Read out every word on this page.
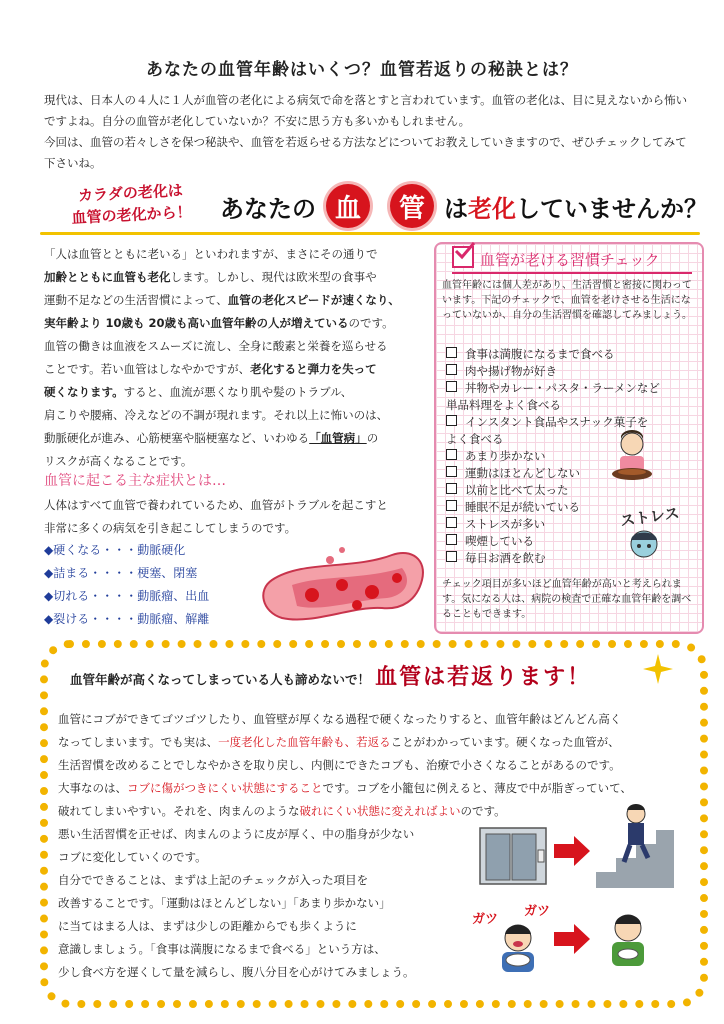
あなたの血管年齢はいくつ？血管若返りの秘訣とは？

現代は、日本人の４人に１人が血管の老化による病気で命を落とすと言われています。血管の老化は、目に見えないから怖いですよね。自分の血管が老化していないか？不安に思う方も多いかもしれません。

今回は、血管の若々しさを保つ秘訣や、血管を若返らせる方法などについてお教えしていきますので、ぜひチェックしてみて下さいね。

カラダの老化は
血管の老化から！	あなたの 血	管 は 老化 していませんか？

「人は血管とともに老いる」といわれますが、まさにその通りで

加齢とともに血管も老化します。しかし、現代は欧米型の食事や

運動不足などの生活習慣によって、血管の老化スピードが速くなり、

実年齢より 10歳も 20歳も高い血管年齢の人が増えているのです。

血管の働きは血液をスムーズに流し、全身に酸素と栄養を巡らせる

ことです。若い血管はしなやかですが、老化すると弾力を失って

硬くなります。すると、血流が悪くなり肌や髪のトラブル、

肩こりや腰痛、冷えなどの不調が現れます。それ以上に怖いのは、

動脈硬化が進み、心筋梗塞や脳梗塞など、いわゆる「血管病」の

リスクが高くなることです。

血管に起こる主な症状とは…

人体はすべて血管で養われているため、血管がトラブルを起こすと

非常に多くの病気を引き起こしてしまうのです。

◆硬くなる・・・動脈硬化
◆詰まる・・・・梗塞、閉塞
◆切れる・・・・動脈瘤、出血
◆裂ける・・・・動脈瘤、解離
血管が老ける習慣チェック
血管年齢には個人差があり、生活習慣と密接に関わっています。下記のチェックで、血管を老けさせる生活になっていないか、自分の生活習慣を確認してみましょう。
食事は満腹になるまで食べる
肉や揚げ物が好き
丼物やカレー・パスタ・ラーメンなど
単品料理をよく食べる
インスタント食品やスナック菓子を
よく食べる
あまり歩かない
運動はほとんどしない
以前と比べて太った
睡眠不足が続いている
ストレスが多い
喫煙している
毎日お酒を飲む
ストレス
チェック項目が多いほど血管年齢が高いと考えられます。気になる人は、病院の検査で正確な血管年齢を調べることもできます。
血管年齢が高くなってしまっている人も諦めないで！ 血管は若返ります！

血管にコブができてゴツゴツしたり、血管壁が厚くなる過程で硬くなったりすると、血管年齢はどんどん高く

なってしまいます。でも実は、一度老化した血管年齢も、若返ることがわかっています。硬くなった血管が、

生活習慣を改めることでしなやかさを取り戻し、内側にできたコブも、治療で小さくなることがあるのです。

大事なのは、コブに傷がつきにくい状態にすることです。コブを小籠包に例えると、薄皮で中が脂ぎっていて、

破れてしまいやすい。それを、肉まんのような破れにくい状態に変えればよいのです。

悪い生活習慣を正せば、肉まんのように皮が厚く、中の脂身が少ない

コブに変化していくのです。

自分でできることは、まずは上記のチェックが入った項目を

改善することです。「運動はほとんどしない」「あまり歩かない」

に当てはまる人は、まずは少しの距離からでも歩くように

意識しましょう。「食事は満腹になるまで食べる」という方は、

少し食べ方を遅くして量を減らし、腹八分目を心がけてみましょう。

ガツ
ガツ
